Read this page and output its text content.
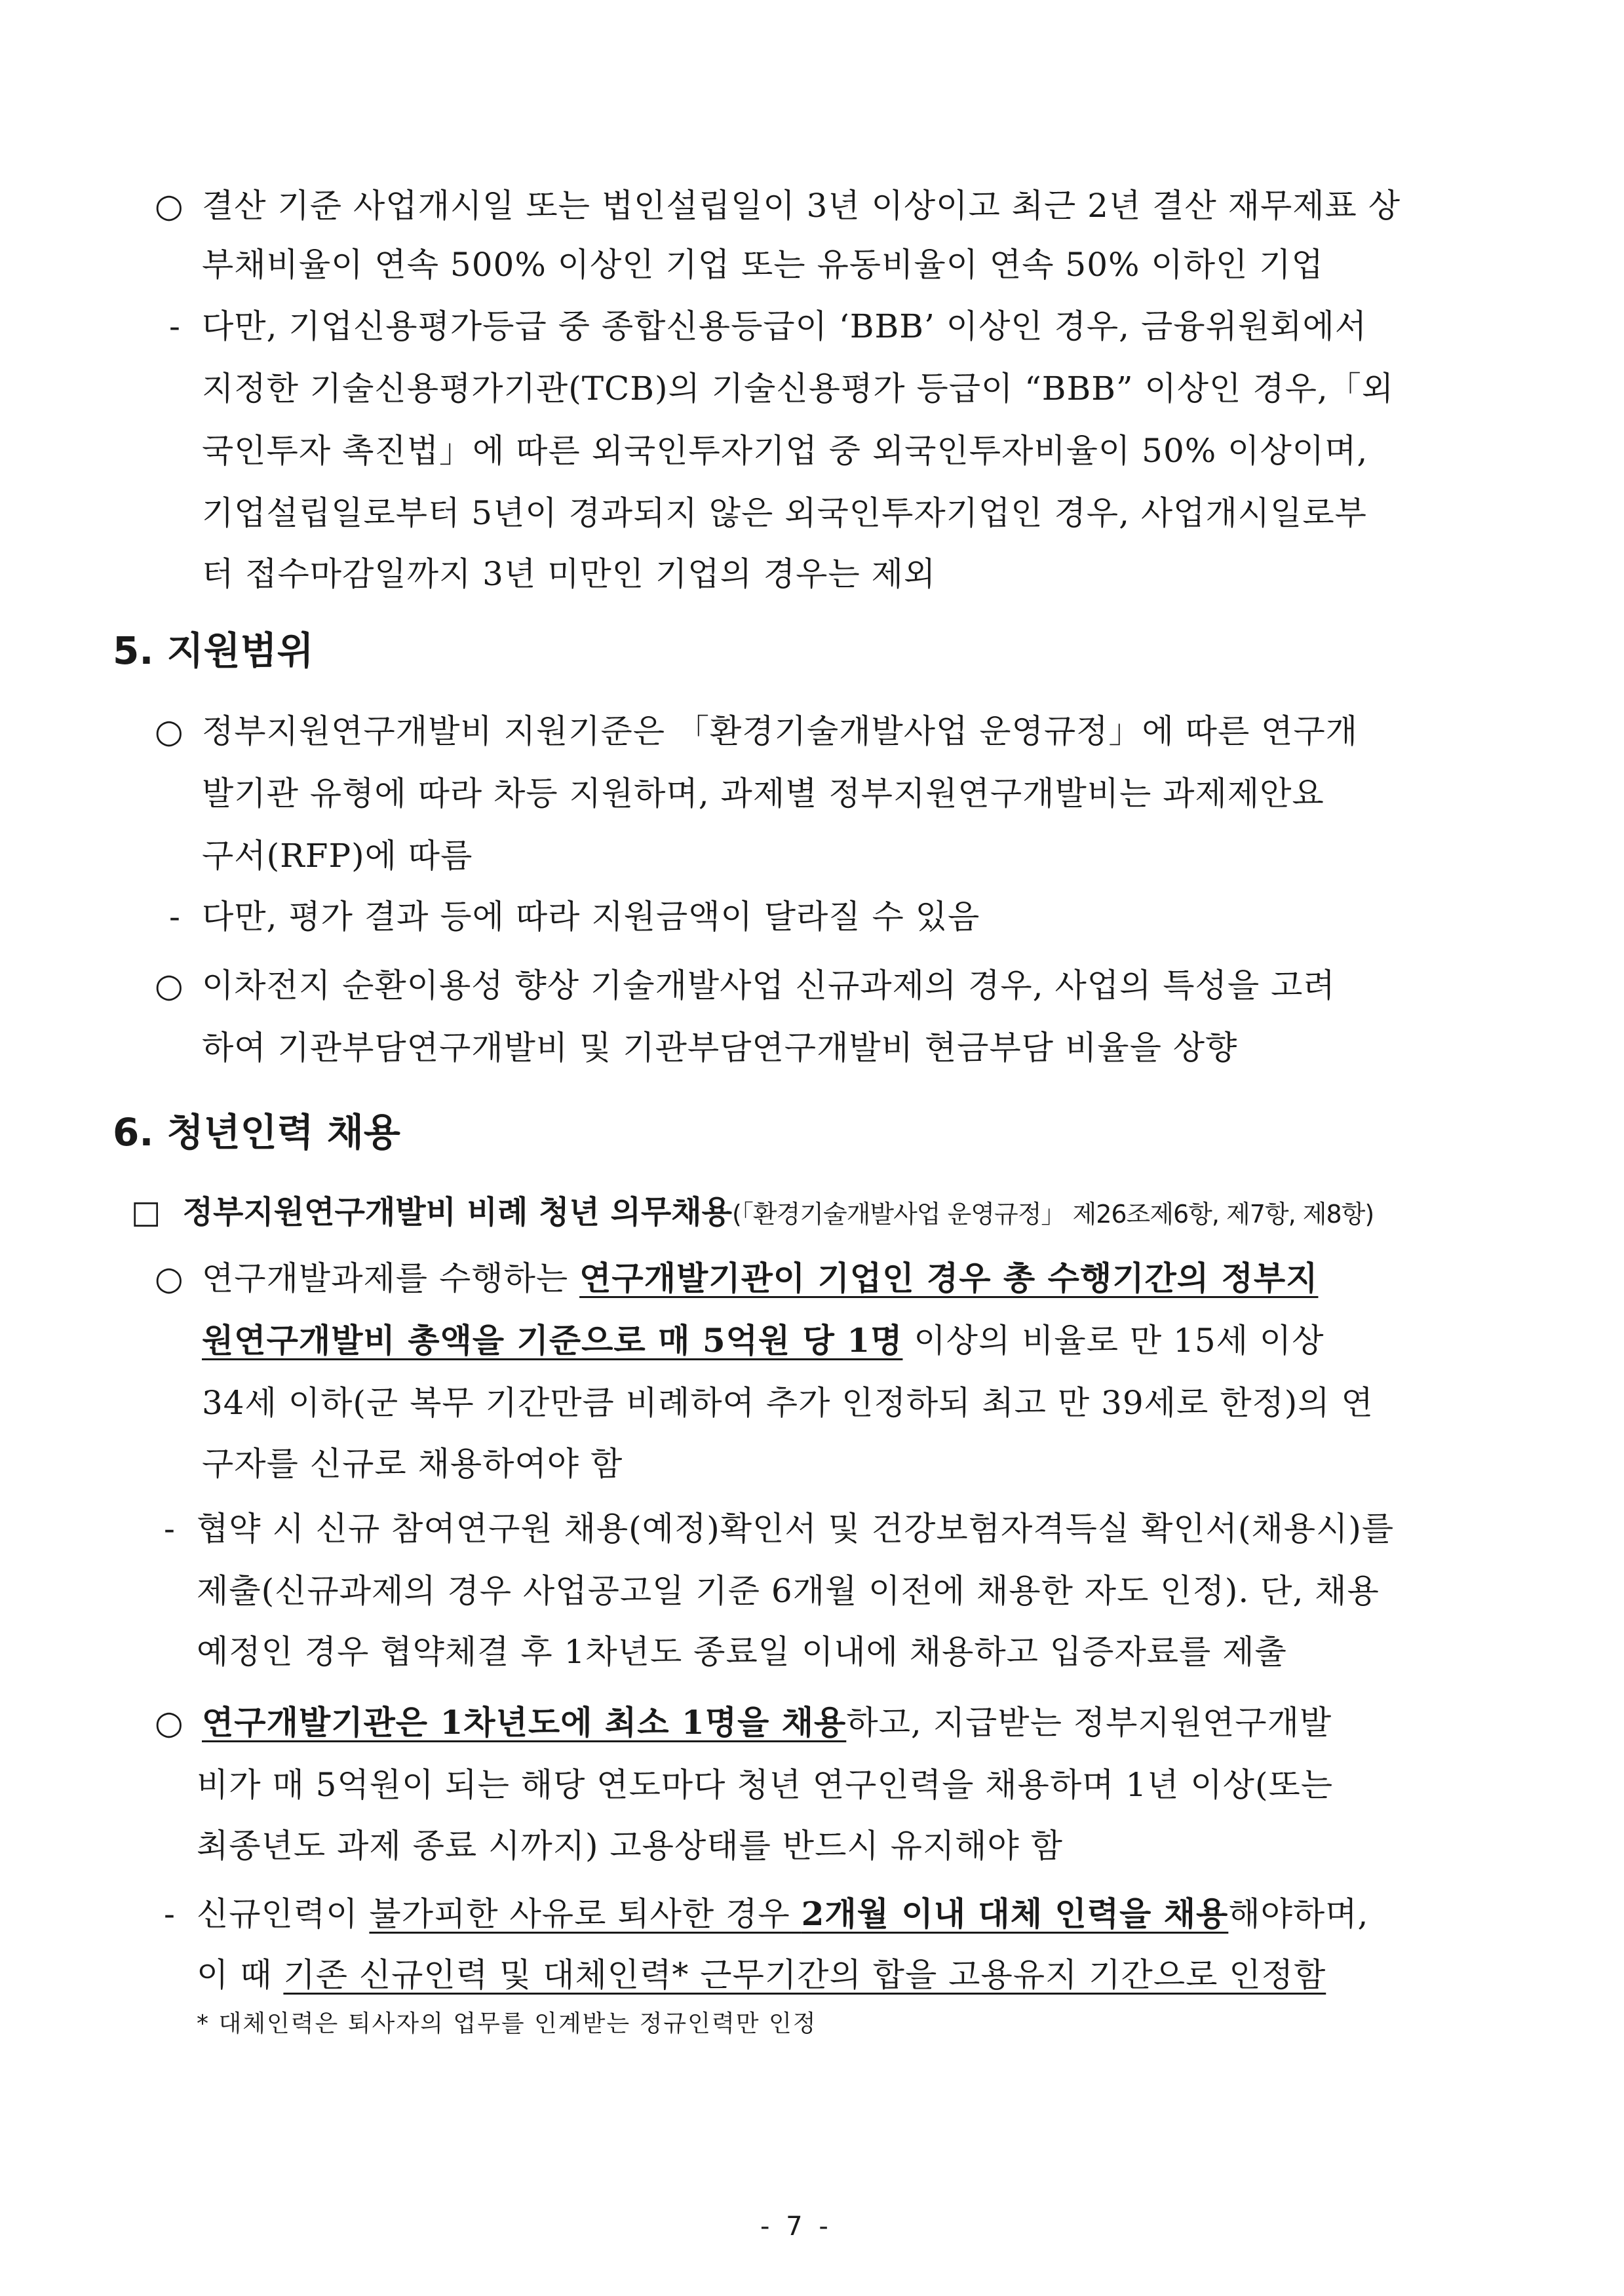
○ 결산 기준 사업개시일 또는 법인설립일이 3년 이상이고 최근 2년 결산 재무제표 상
부채비율이 연속 500% 이상인 기업 또는 유동비율이 연속 50% 이하인 기업
- 다만, 기업신용평가등급 중 종합신용등급이 ‘BBB’ 이상인 경우, 금융위원회에서
지정한 기술신용평가기관(TCB)의 기술신용평가 등급이 “BBB” 이상인 경우,「외
국인투자 촉진법」에 따른 외국인투자기업 중 외국인투자비율이 50% 이상이며,
기업설립일로부터 5년이 경과되지 않은 외국인투자기업인 경우, 사업개시일로부
터 접수마감일까지 3년 미만인 기업의 경우는 제외
5. 지원범위
○ 정부지원연구개발비 지원기준은 「환경기술개발사업 운영규정」에 따른 연구개
발기관 유형에 따라 차등 지원하며, 과제별 정부지원연구개발비는 과제제안요
구서(RFP)에 따름
- 다만, 평가 결과 등에 따라 지원금액이 달라질 수 있음
○ 이차전지 순환이용성 향상 기술개발사업 신규과제의 경우, 사업의 특성을 고려
하여 기관부담연구개발비 및 기관부담연구개발비 현금부담 비율을 상향
6. 청년인력 채용
□ 정부지원연구개발비 비례 청년 의무채용(「환경기술개발사업 운영규정」 제26조제6항, 제7항, 제8항)
○ 연구개발과제를 수행하는 연구개발기관이 기업인 경우 총 수행기간의 정부지
원연구개발비 총액을 기준으로 매 5억원 당 1명 이상의 비율로 만 15세 이상
34세 이하(군 복무 기간만큼 비례하여 추가 인정하되 최고 만 39세로 한정)의 연
구자를 신규로 채용하여야 함
- 협약 시 신규 참여연구원 채용(예정)확인서 및 건강보험자격득실 확인서(채용시)를
제출(신규과제의 경우 사업공고일 기준 6개월 이전에 채용한 자도 인정). 단, 채용
예정인 경우 협약체결 후 1차년도 종료일 이내에 채용하고 입증자료를 제출
○ 연구개발기관은 1차년도에 최소 1명을 채용하고, 지급받는 정부지원연구개발
비가 매 5억원이 되는 해당 연도마다 청년 연구인력을 채용하며 1년 이상(또는
최종년도 과제 종료 시까지) 고용상태를 반드시 유지해야 함
- 신규인력이 불가피한 사유로 퇴사한 경우 2개월 이내 대체 인력을 채용해야하며,
이 때 기존 신규인력 및 대체인력* 근무기간의 합을 고용유지 기간으로 인정함
* 대체인력은 퇴사자의 업무를 인계받는 정규인력만 인정
- 7 -
